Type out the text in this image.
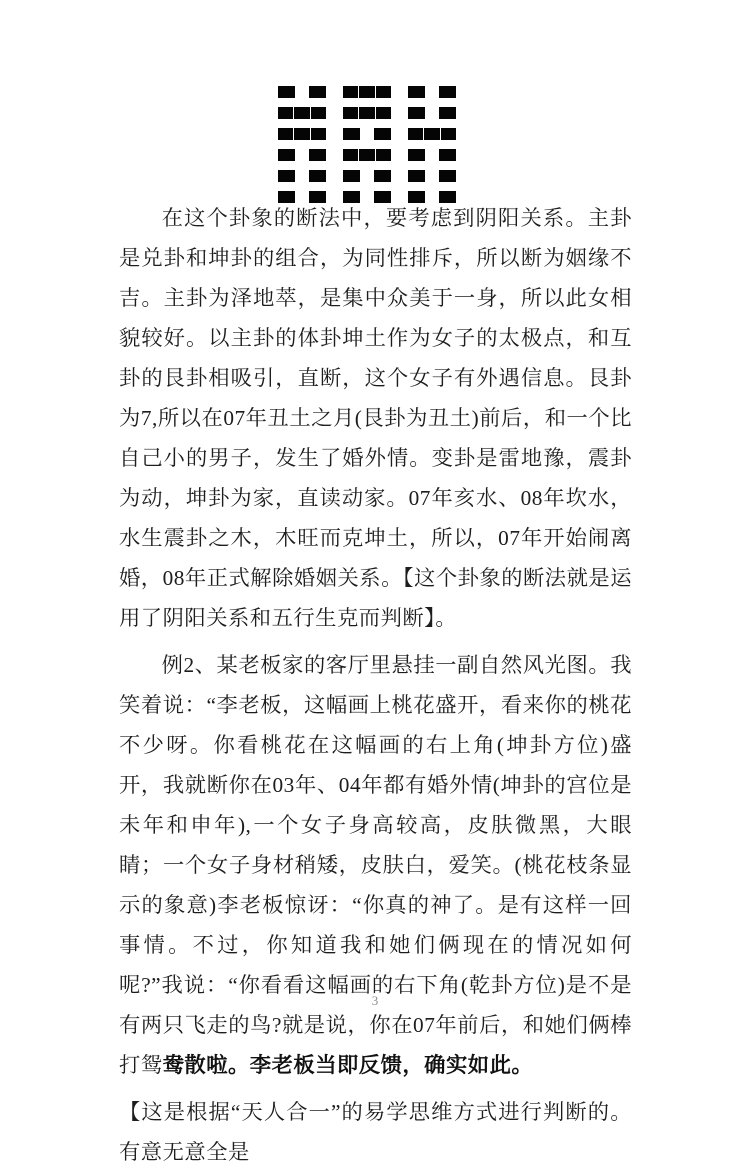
在这个卦象的断法中，要考虑到阴阳关系。主卦是兑卦和坤卦的组合，为同性排斥，所以断为姻缘不吉。主卦为泽地萃，是集中众美于一身，所以此女相貌较好。以主卦的体卦坤土作为女子的太极点，和互卦的艮卦相吸引，直断，这个女子有外遇信息。艮卦为7,所以在07年丑土之月(艮卦为丑土)前后，和一个比自己小的男子，发生了婚外情。变卦是雷地豫，震卦为动，坤卦为家，直读动家。07年亥水、08年坎水，水生震卦之木，木旺而克坤土，所以，07年开始闹离婚，08年正式解除婚姻关系。【这个卦象的断法就是运用了阴阳关系和五行生克而判断】。

例2、某老板家的客厅里悬挂一副自然风光图。我笑着说：“李老板，这幅画上桃花盛开，看来你的桃花不少呀。你看桃花在这幅画的右上角(坤卦方位)盛开，我就断你在03年、04年都有婚外情(坤卦的宫位是未年和申年),一个女子身高较高，皮肤微黑，大眼睛；一个女子身材稍矮，皮肤白，爱笑。(桃花枝条显示的象意)李老板惊讶：“你真的神了。是有这样一回事情。不过，你知道我和她们俩现在的情况如何呢?”我说：“你看看这幅画的右下角(乾卦方位)是不是有两只飞走的鸟?就是说，你在07年前后，和她们俩棒打鸳鸯散啦。李老板当即反馈，确实如此。

【这是根据“天人合一”的易学思维方式进行判断的。有意无意全是

3
